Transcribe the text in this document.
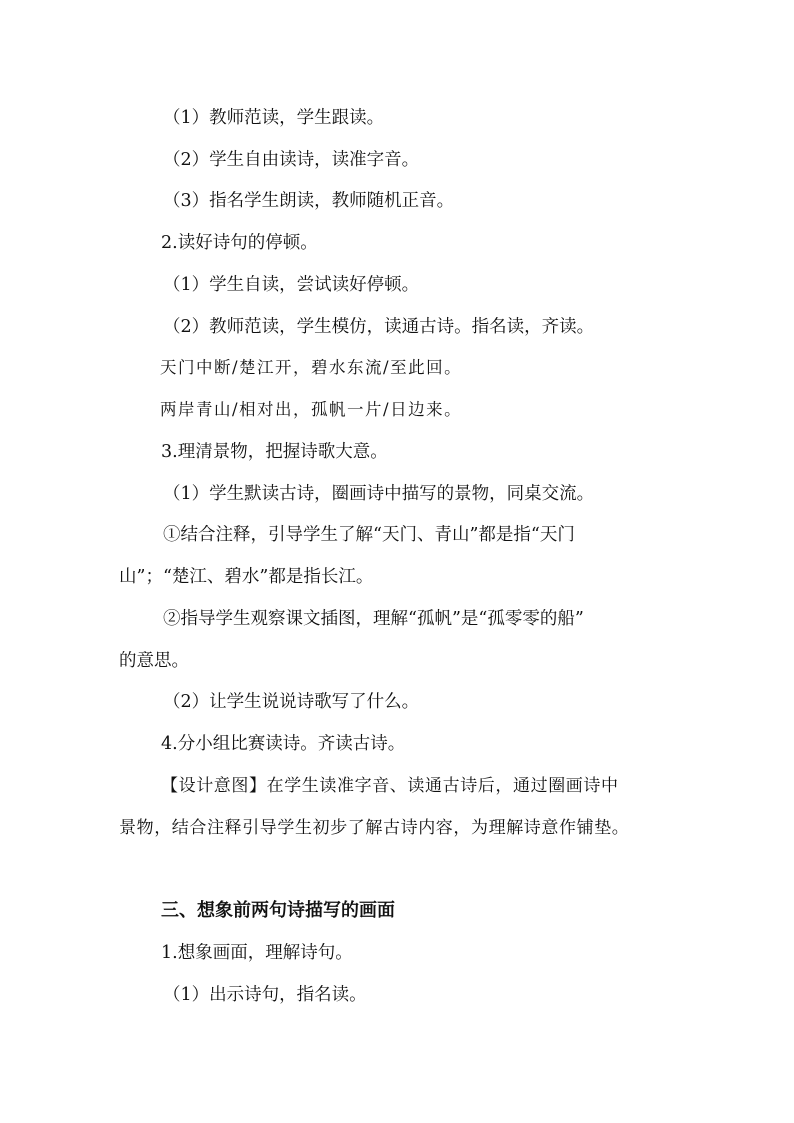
（1）教师范读，学生跟读。
（2）学生自由读诗，读准字音。
（3）指名学生朗读，教师随机正音。
2.读好诗句的停顿。
（1）学生自读，尝试读好停顿。
（2）教师范读，学生模仿，读通古诗。指名读，齐读。
天门中断/楚江开，碧水东流/至此回。
两岸青山/相对出，孤帆一片/日边来。
3.理清景物，把握诗歌大意。
（1）学生默读古诗，圈画诗中描写的景物，同桌交流。
①结合注释，引导学生了解“天门、青山”都是指“天门
山”；“楚江、碧水”都是指长江。
②指导学生观察课文插图，理解“孤帆”是“孤零零的船”
的意思。
（2）让学生说说诗歌写了什么。
4.分小组比赛读诗。齐读古诗。
【设计意图】在学生读准字音、读通古诗后，通过圈画诗中
景物，结合注释引导学生初步了解古诗内容，为理解诗意作铺垫。
三、想象前两句诗描写的画面
1.想象画面，理解诗句。
（1）出示诗句，指名读。
